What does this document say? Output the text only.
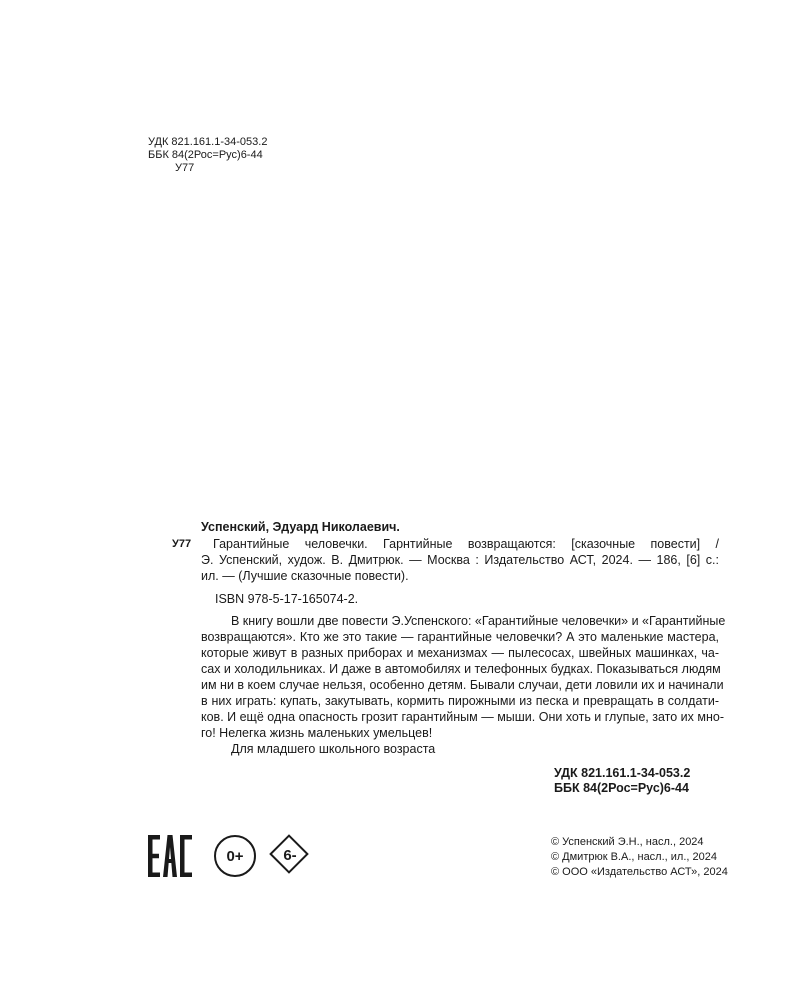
УДК 821.161.1-34-053.2
ББК 84(2Рос=Рус)6-44
У77
Успенский, Эдуард Николаевич.
У77	Гарантийные человечки. Гарнтийные возвращаются: [сказочные повести] /
Э. Успенский, худож. В. Дмитрюк. — Москва : Издательство АСТ, 2024. — 186, [6] с.:
ил. — (Лучшие сказочные повести).
ISBN 978-5-17-165074-2.
В книгу вошли две повести Э.Успенского: «Гарантийные человечки» и «Гарантийные
возвращаются». Кто же это такие — гарантийные человечки? А это маленькие мастера,
которые живут в разных приборах и механизмах — пылесосах, швейных машинках, ча-
сах и холодильниках. И даже в автомобилях и телефонных будках. Показываться людям
им ни в коем случае нельзя, особенно детям. Бывали случаи, дети ловили их и начинали
в них играть: купать, закутывать, кормить пирожными из песка и превращать в солдати-
ков. И ещё одна опасность грозит гарантийным — мыши. Они хоть и глупые, зато их мно-
го! Нелегка жизнь маленьких умельцев!
Для младшего школьного возраста
УДК 821.161.1-34-053.2
ББК 84(2Рос=Рус)6-44
0+	6-
© Успенский Э.Н., насл., 2024
© Дмитрюк В.А., насл., ил., 2024
© ООО «Издательство АСТ», 2024
